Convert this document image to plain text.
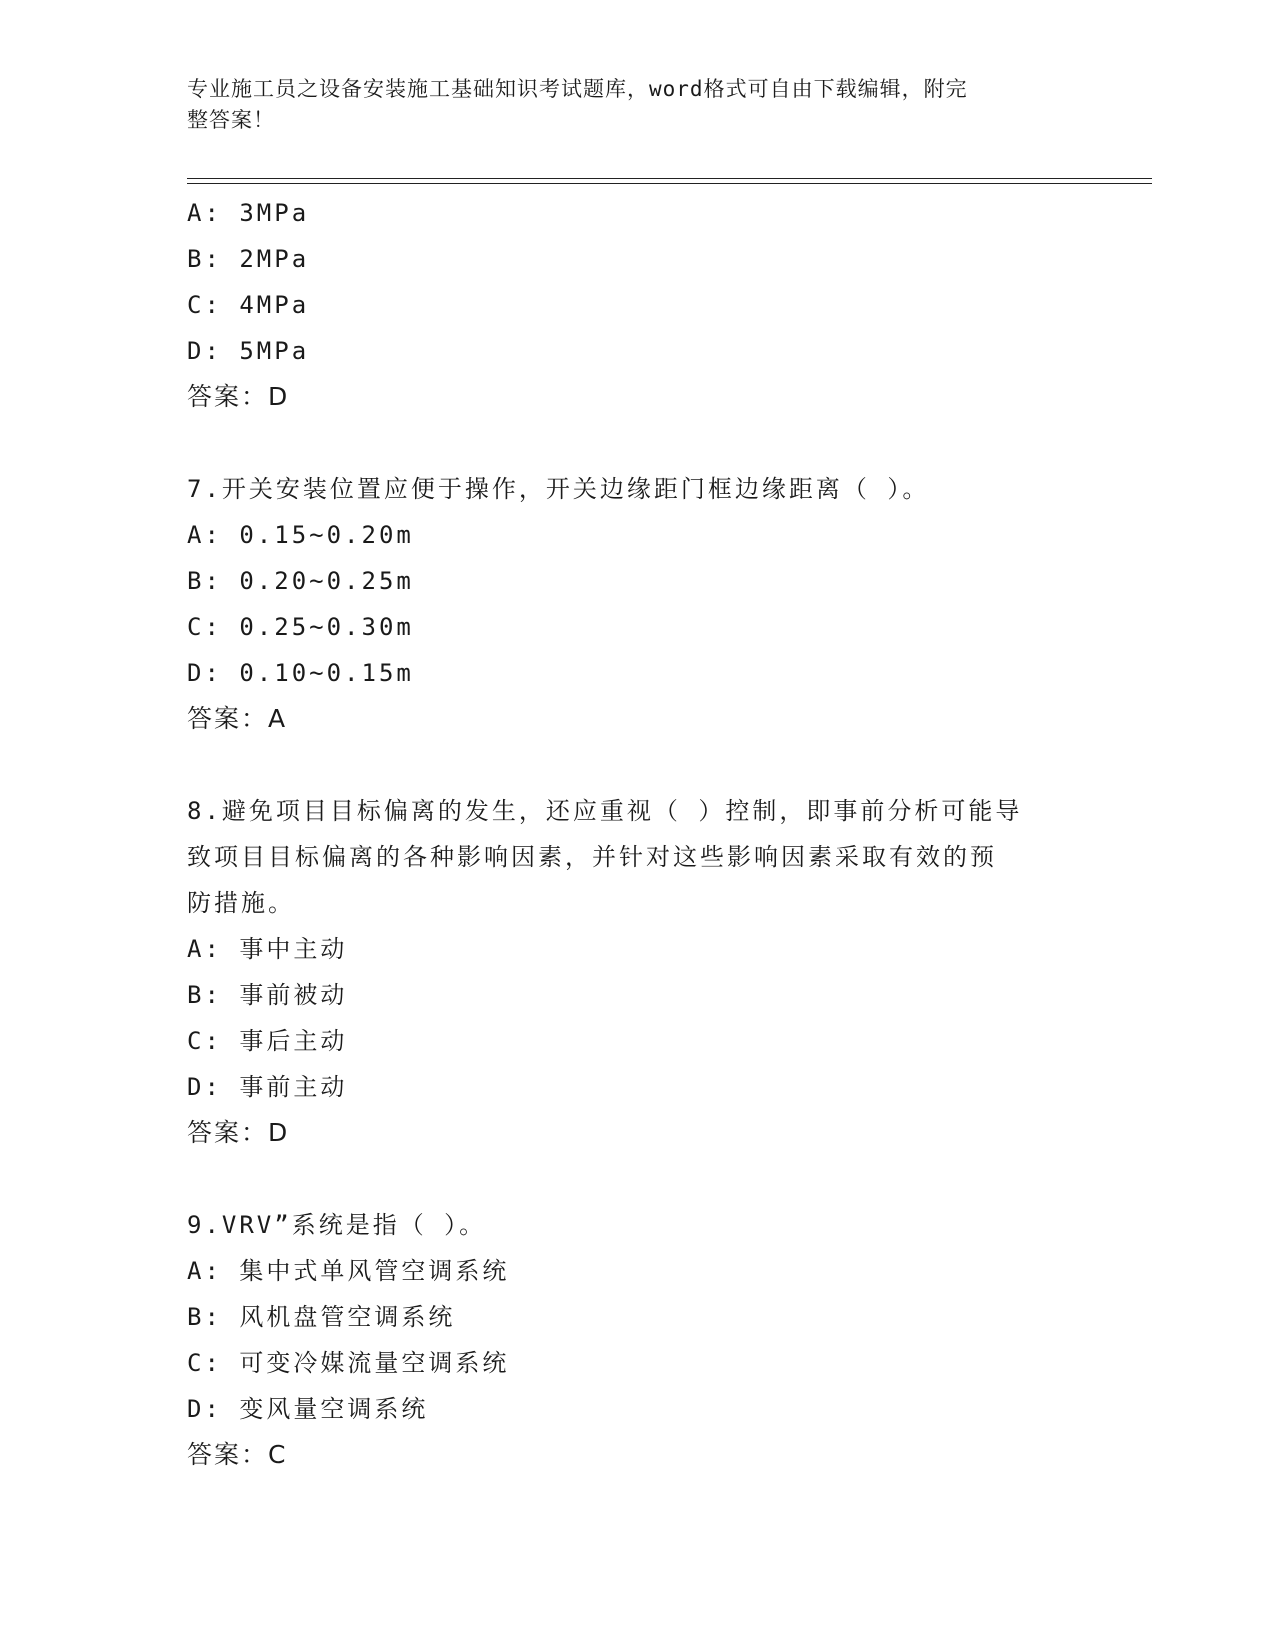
专业施工员之设备安装施工基础知识考试题库，word格式可自由下载编辑，附完
整答案！
A: 3MPa
B: 2MPa
C: 4MPa
D: 5MPa
答案：D
7.开关安装位置应便于操作，开关边缘距门框边缘距离（ ）。
A: 0.15~0.20m
B: 0.20~0.25m
C: 0.25~0.30m
D: 0.10~0.15m
答案：A
8.避免项目目标偏离的发生，还应重视（ ）控制，即事前分析可能导
致项目目标偏离的各种影响因素，并针对这些影响因素采取有效的预
防措施。
A: 事中主动
B: 事前被动
C: 事后主动
D: 事前主动
答案：D
9.VRV”系统是指（ ）。
A: 集中式单风管空调系统
B: 风机盘管空调系统
C: 可变冷媒流量空调系统
D: 变风量空调系统
答案：C
